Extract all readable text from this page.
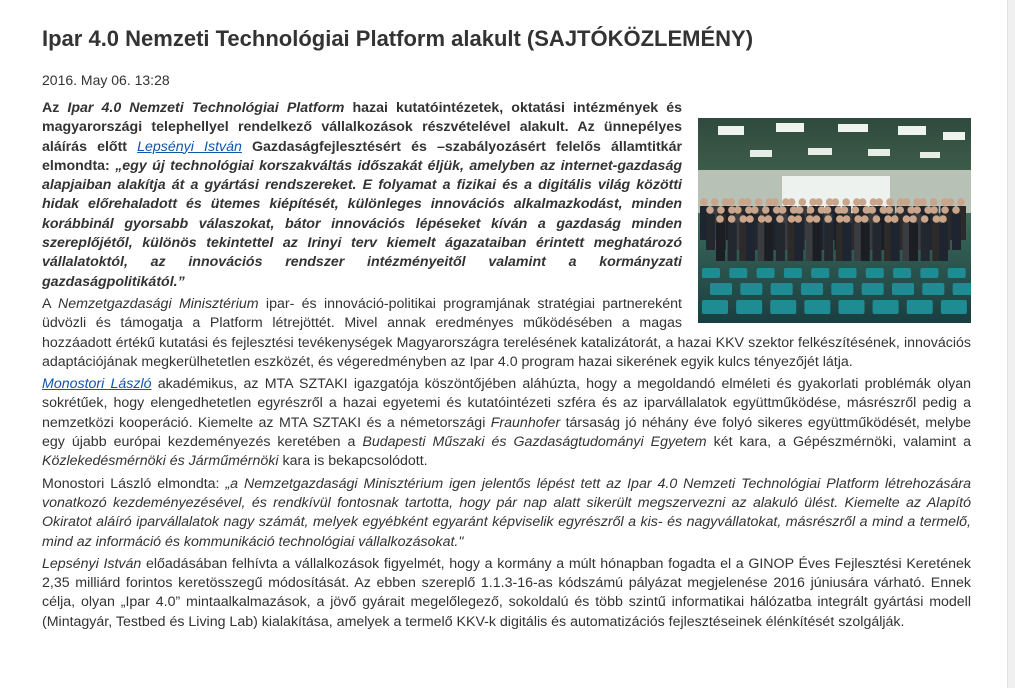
Ipar 4.0 Nemzeti Technológiai Platform alakult (SAJTÓKÖZLEMÉNY)
2016. May 06. 13:28

Az Ipar 4.0 Nemzeti Technológiai Platform hazai kutatóintézetek, oktatási intézmények és magyarországi telephellyel rendelkező vállalkozások részvételével alakult. Az ünnepélyes aláírás előtt Lepsényi István Gazdaságfejlesztésért és –szabályozásért felelős államtitkár elmondta: „egy új technológiai korszakváltás időszakát éljük, amelyben az internet-gazdaság alapjaiban alakítja át a gyártási rendszereket. E folyamat a fizikai és a digitális világ közötti hidak előrehaladott és ütemes kiépítését, különleges innovációs alkalmazkodást, minden korábbinál gyorsabb válaszokat, bátor innovációs lépéseket kíván a gazdaság minden szereplőjétől, különös tekintettel az Irinyi terv kiemelt ágazataiban érintett meghatározó vállalatoktól, az innovációs rendszer intézményeitől valamint a kormányzati gazdaságpolitikától.”

A Nemzetgazdasági Minisztérium ipar- és innováció-politikai programjának stratégiai partnereként üdvözli és támogatja a Platform létrejöttét. Mivel annak eredményes működésében a magas hozzáadott értékű kutatási és fejlesztési tevékenységek Magyarországra terelésének katalizátorát, a hazai KKV szektor felkészítésének, innovációs adaptációjának megkerülhetetlen eszközét, és végeredményben az Ipar 4.0 program hazai sikerének egyik kulcs tényezőjét látja.

Monostori László akadémikus, az MTA SZTAKI igazgatója köszöntőjében aláhúzta, hogy a megoldandó elméleti és gyakorlati problémák olyan sokrétűek, hogy elengedhetetlen egyrészről a hazai egyetemi és kutatóintézeti szféra és az iparvállalatok együttműködése, másrészről pedig a nemzetközi kooperáció. Kiemelte az MTA SZTAKI és a németországi Fraunhofer társaság jó néhány éve folyó sikeres együttműködését, melybe egy újabb európai kezdeményezés keretében a Budapesti Műszaki és Gazdaságtudományi Egyetem két kara, a Gépészmérnöki, valamint a Közlekedésmérnöki és Járműmérnöki kara is bekapcsolódott.

Monostori László elmondta: „a Nemzetgazdasági Minisztérium igen jelentős lépést tett az Ipar 4.0 Nemzeti Technológiai Platform létrehozására vonatkozó kezdeményezésével, és rendkívül fontosnak tartotta, hogy pár nap alatt sikerült megszervezni az alakuló ülést. Kiemelte az Alapító Okiratot aláíró iparvállalatok nagy számát, melyek egyébként egyaránt képviselik egyrészről a kis- és nagyvállatokat, másrészről a mind a termelő, mind az információ és kommunikáció technológiai vállalkozásokat."

Lepsényi István előadásában felhívta a vállalkozások figyelmét, hogy a kormány a múlt hónapban fogadta el a GINOP Éves Fejlesztési Keretének 2,35 milliárd forintos keretösszegű módosítását. Az ebben szereplő 1.1.3-16-as kódszámú pályázat megjelenése 2016 júniusára várható. Ennek célja, olyan „Ipar 4.0” mintaalkalmazások, a jövő gyárait megelőlegező, sokoldalú és több szintű informatikai hálózatba integrált gyártási modell (Mintagyár, Testbed és Living Lab) kialakítása, amelyek a termelő KKV-k digitális és automatizációs fejlesztéseinek élénkítését szolgálják.
